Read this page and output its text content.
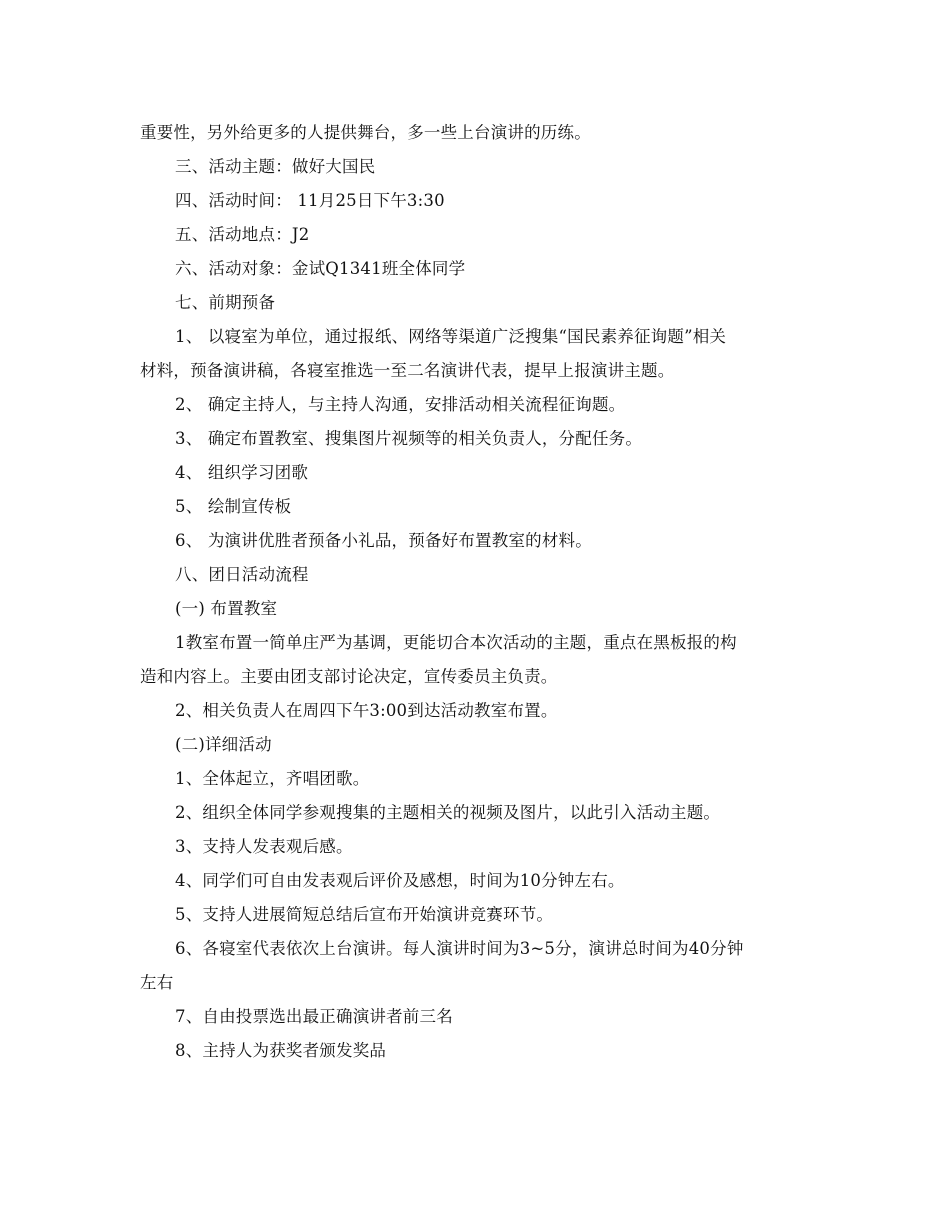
重要性，另外给更多的人提供舞台，多一些上台演讲的历练。
三、活动主题：做好大国民
四、活动时间： 11月25日下午3:30
五、活动地点：J2
六、活动对象：金试Q1341班全体同学
七、前期预备
1、 以寝室为单位，通过报纸、网络等渠道广泛搜集“国民素养征询题”相关
材料，预备演讲稿，各寝室推选一至二名演讲代表，提早上报演讲主题。
2、 确定主持人，与主持人沟通，安排活动相关流程征询题。
3、 确定布置教室、搜集图片视频等的相关负责人，分配任务。
4、 组织学习团歌
5、 绘制宣传板
6、 为演讲优胜者预备小礼品，预备好布置教室的材料。
八、团日活动流程
(一) 布置教室
1教室布置一简单庄严为基调，更能切合本次活动的主题，重点在黑板报的构
造和内容上。主要由团支部讨论决定，宣传委员主负责。
2、相关负责人在周四下午3:00到达活动教室布置。
(二)详细活动
1、全体起立，齐唱团歌。
2、组织全体同学参观搜集的主题相关的视频及图片，以此引入活动主题。
3、支持人发表观后感。
4、同学们可自由发表观后评价及感想，时间为10分钟左右。
5、支持人进展简短总结后宣布开始演讲竞赛环节。
6、各寝室代表依次上台演讲。每人演讲时间为3~5分，演讲总时间为40分钟
左右
7、自由投票选出最正确演讲者前三名
8、主持人为获奖者颁发奖品
